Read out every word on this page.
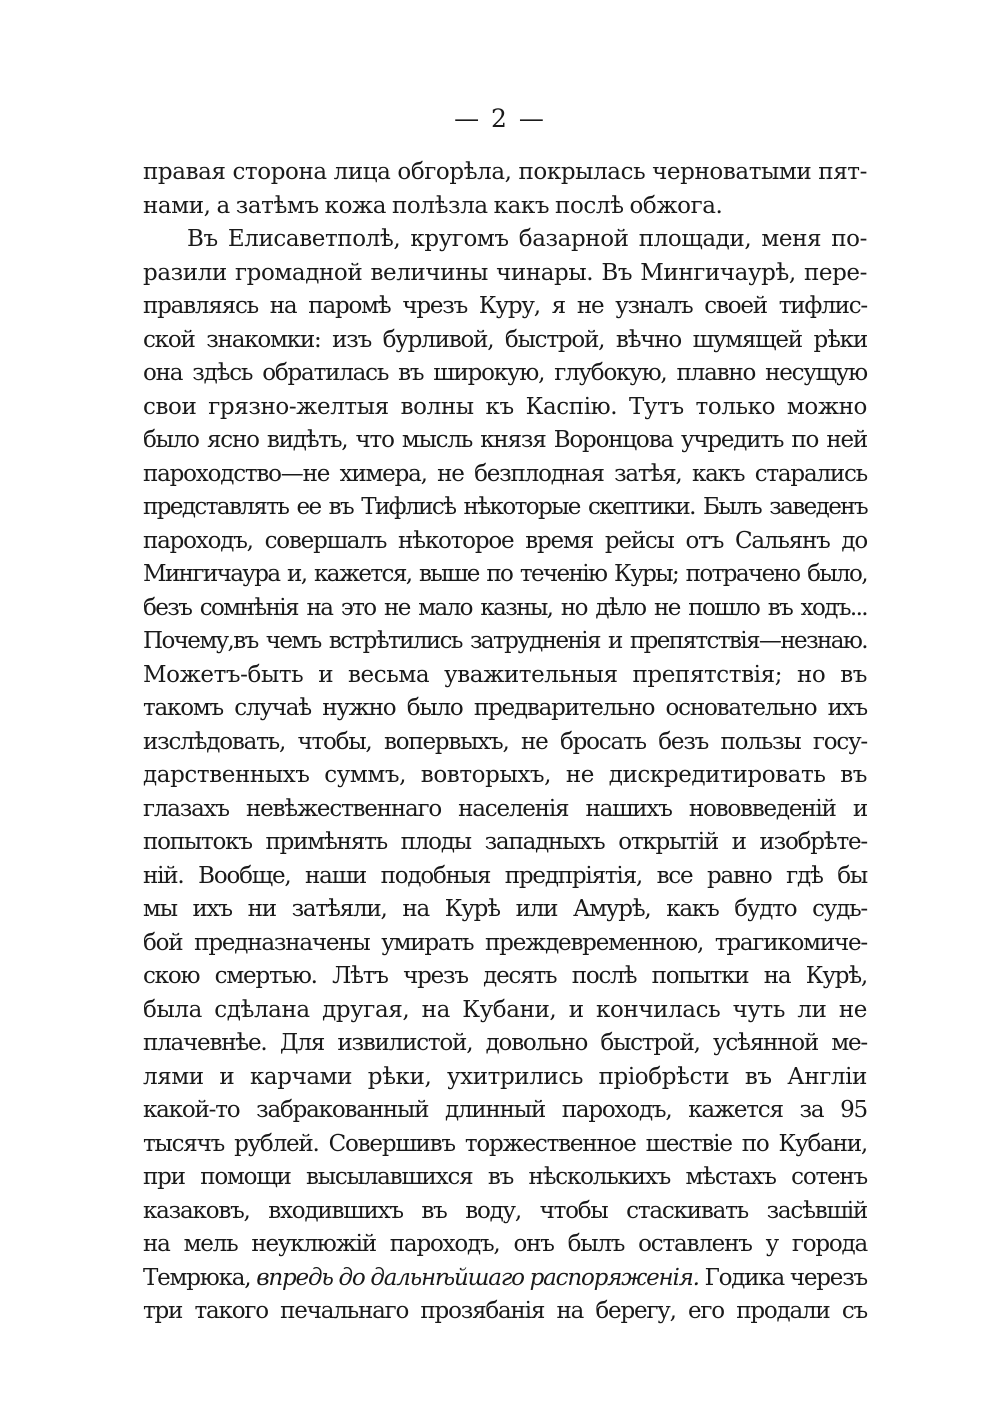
— 2 —
правая сторона лица обгорѣла, покрылась черноватыми пят-
нами, а затѣмъ кожа полѣзла какъ послѣ обжога.
Въ Елисаветполѣ, кругомъ базарной площади, меня по-
разили громадной величины чинары. Въ Мингичаурѣ, пере-
правляясь на паромѣ чрезъ Куру, я не узналъ своей тифлис-
ской знакомки: изъ бурливой, быстрой, вѣчно шумящей рѣки
она здѣсь обратилась въ широкую, глубокую, плавно несущую
свои грязно-желтыя волны къ Каспію. Тутъ только можно
было ясно видѣть, что мысль князя Воронцова учредить по ней
пароходство—не химера, не безплодная затѣя, какъ старались
представлять ее въ Тифлисѣ нѣкоторые скептики. Былъ заведенъ
пароходъ, совершалъ нѣкоторое время рейсы отъ Сальянъ до
Мингичаура и, кажется, выше по теченію Куры; потрачено было,
безъ сомнѣнія на это не мало казны, но дѣло не пошло въ ходъ...
Почему,въ чемъ встрѣтились затрудненія и препятствія—незнаю.
Можетъ-быть и весьма уважительныя препятствія; но въ
такомъ случаѣ нужно было предварительно основательно ихъ
изслѣдовать, чтобы, вопервыхъ, не бросать безъ пользы госу-
дарственныхъ суммъ, вовторыхъ, не дискредитировать въ
глазахъ невѣжественнаго населенія нашихъ нововведеній и
попытокъ примѣнять плоды западныхъ открытій и изобрѣте-
ній. Вообще, наши подобныя предпріятія, все равно гдѣ бы
мы ихъ ни затѣяли, на Курѣ или Амурѣ, какъ будто судь-
бой предназначены умирать преждевременною, трагикомиче-
скою смертью. Лѣтъ чрезъ десять послѣ попытки на Курѣ,
была сдѣлана другая, на Кубани, и кончилась чуть ли не
плачевнѣе. Для извилистой, довольно быстрой, усѣянной ме-
лями и карчами рѣки, ухитрились пріобрѣсти въ Англіи
какой-то забракованный длинный пароходъ, кажется за 95
тысячъ рублей. Совершивъ торжественное шествіе по Кубани,
при помощи высылавшихся въ нѣсколькихъ мѣстахъ сотенъ
казаковъ, входившихъ въ воду, чтобы стаскивать засѣвшій
на мель неуклюжій пароходъ, онъ былъ оставленъ у города
Темрюка, впредь до дальнѣйшаго распоряженія. Годика черезъ
три такого печальнаго прозябанія на берегу, его продали съ
